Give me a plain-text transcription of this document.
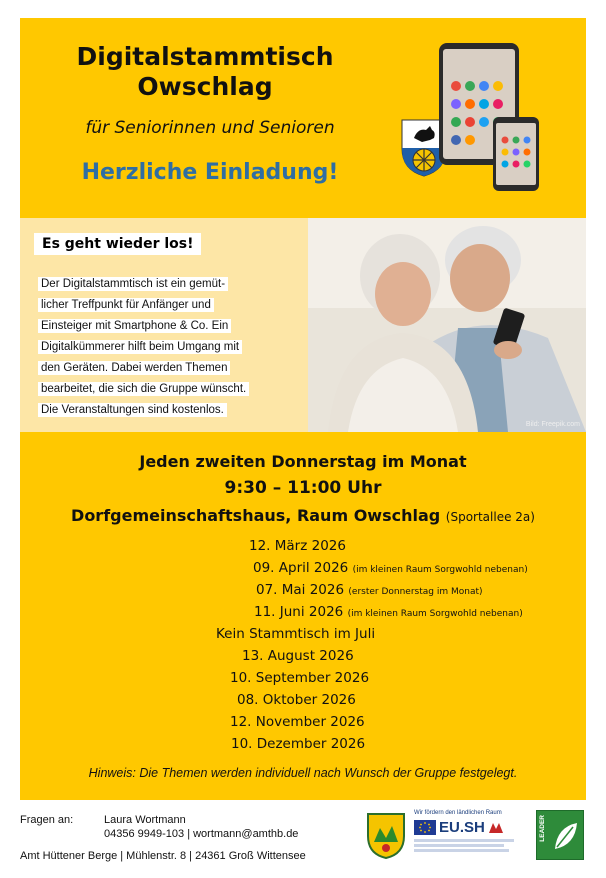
Digitalstammtisch
Owschlag
für Seniorinnen und Senioren
Herzliche Einladung!
Es geht wieder los!
Der Digitalstammtisch ist ein gemüt-
licher Treffpunkt für Anfänger und
Einsteiger mit Smartphone & Co. Ein
Digitalkümmerer hilft beim Umgang mit
den Geräten. Dabei werden Themen
bearbeitet, die sich die Gruppe wünscht.
Die Veranstaltungen sind kostenlos.
Bild: Freepik.com
Jeden zweiten Donnerstag im Monat
9:30 – 11:00 Uhr
Dorfgemeinschaftshaus, Raum Owschlag (Sportallee 2a)
12. März 2026
09. April 2026 (im kleinen Raum Sorgwohld nebenan)
07. Mai 2026 (erster Donnerstag im Monat)
11. Juni 2026 (im kleinen Raum Sorgwohld nebenan)
Kein Stammtisch im Juli
13. August 2026
10. September 2026
08. Oktober 2026
12. November 2026
10. Dezember 2026
Hinweis: Die Themen werden individuell nach Wunsch der Gruppe festgelegt.
Fragen an:	Laura Wortmann
04356 9949-103 | wortmann@amthb.de
Amt Hüttener Berge | Mühlenstr. 8 | 24361 Groß Wittensee
Wir fördern den ländlichen Raum
EU.SH	LEADER
